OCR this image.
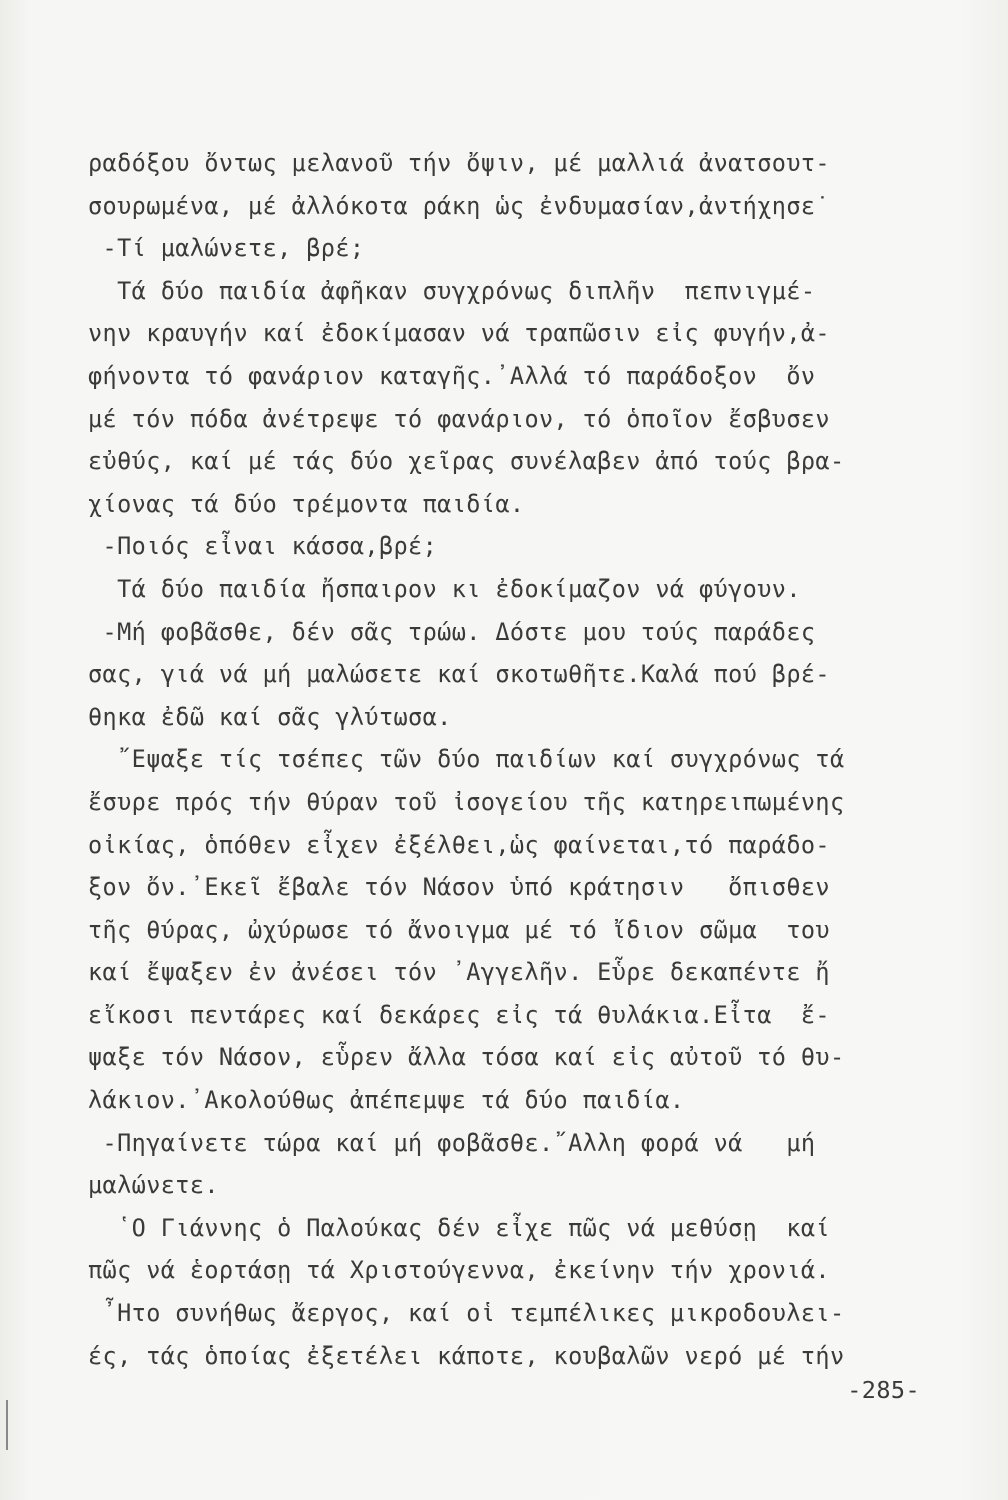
ραδόξου ὄντως μελανοῦ τήν ὄψιν, μέ μαλλιά ἀνατσουτ-
σουρωμένα, μέ ἀλλόκοτα ράκη ὡς ἐνδυμασίαν,ἀντήχησε˙
-Τί μαλώνετε, βρέ;
Τά δύο παιδία ἀφῆκαν συγχρόνως διπλῆν  πεπνιγμέ-
νην κραυγήν καί ἐδοκίμασαν νά τραπῶσιν εἰς φυγήν,ἀ-
φήνοντα τό φανάριον καταγῆς.᾿Αλλά τό παράδοξον  ὄν
μέ τόν πόδα ἀνέτρεψε τό φανάριον, τό ὁποῖον ἔσβυσεν
εὐθύς, καί μέ τάς δύο χεῖρας συνέλαβεν ἀπό τούς βρα-
χίονας τά δύο τρέμοντα παιδία.
-Ποιός εἶναι κάσσα,βρέ;
Τά δύο παιδία ἤσπαιρον κι ἐδοκίμαζον νά φύγουν.
-Μή φοβᾶσθε, δέν σᾶς τρώω. Δόστε μου τούς παράδες
σας, γιά νά μή μαλώσετε καί σκοτωθῆτε.Καλά πού βρέ-
θηκα ἐδῶ καί σᾶς γλύτωσα.
῎Εψαξε τίς τσέπες τῶν δύο παιδίων καί συγχρόνως τά
ἔσυρε πρός τήν θύραν τοῦ ἰσογείου τῆς κατηρειπωμένης
οἰκίας, ὁπόθεν εἶχεν ἐξέλθει,ὡς φαίνεται,τό παράδο-
ξον ὄν.᾿Εκεῖ ἔβαλε τόν Νάσον ὑπό κράτησιν   ὄπισθεν
τῆς θύρας, ὠχύρωσε τό ἄνοιγμα μέ τό ἴδιον σῶμα  του
καί ἔψαξεν ἐν ἀνέσει τόν ᾿Αγγελῆν. Εὗρε δεκαπέντε ἤ
εἴκοσι πεντάρες καί δεκάρες εἰς τά θυλάκια.Εἶτα  ἔ-
ψαξε τόν Νάσον, εὗρεν ἄλλα τόσα καί εἰς αὐτοῦ τό θυ-
λάκιον.᾿Ακολούθως ἀπέπεμψε τά δύο παιδία.
-Πηγαίνετε τώρα καί μή φοβᾶσθε.῎Αλλη φορά νά   μή
μαλώνετε.
῾Ο Γιάννης ὁ Παλούκας δέν εἶχε πῶς νά μεθύσῃ  καί
πῶς νά ἑορτάσῃ τά Χριστούγεννα, ἐκείνην τήν χρονιά.
῏Ητο συνήθως ἄεργος, καί οἱ τεμπέλικες μικροδουλει-
ές, τάς ὁποίας ἐξετέλει κάποτε, κουβαλῶν νερό μέ τήν
-285-
